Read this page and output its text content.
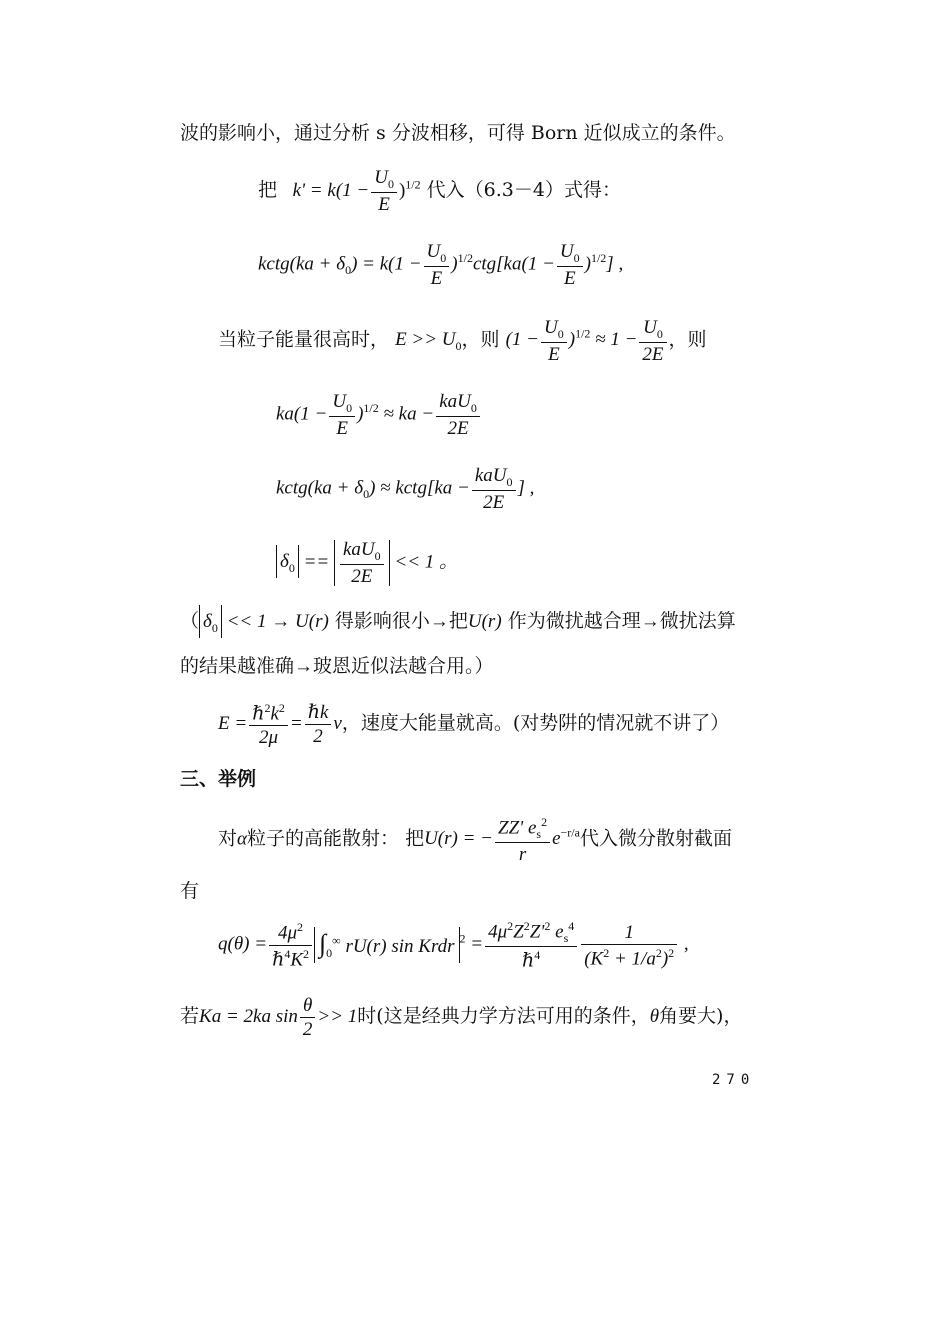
波的影响小，通过分析 s 分波相移，可得 Born 近似成立的条件。
把   $k' = k(1 - \frac{U_0}{E} )^{1/2}$ 代入（6.3－4）式得：
kctg(ka + $\delta_0) = k(1 - \frac{U_0}{E} )^{1/2}ctg[ka(1 - \frac{U_0}{E} )^{1/2}]$ ,
当粒子能量很高时， $E >> U_0$，则 $(1 - \frac{U_0}{E} )^{1/2} \approx 1 - \frac{U_0}{2E}$ ，则
$ka(1 - \frac{U_0}{E} )^{1/2}$ ≈ ka − $\frac{kaU_0}{2E}$
kctg(ka + $\delta_0$) ≈ kctg[ka − $\frac{kaU_0}{2E}$ ] ,
$\delta_0 == \frac{kaU_0}{2E} << 1$ 。
（ $\delta_0 << 1 \to U(r)$ 得影响很小→把U(r) 作为微扰越合理→微扰法算
的结果越准确→玻恩近似法越合用。）
$E = \frac{\hbar^2k^2}{2\mu} = \frac{\text{ℏk}}{2}$ v，速度大能量就高。(对势阱的情况就不讲了）
三、举例
对α粒子的高能散射： 把U(r) = − $\frac{ZZ' e_s^2}{r} e^{-r/a}$代入微分散射截面
有
$q(\theta) = \frac{4\mu^2}{\hbar^4K^2} \int_0^\infty$ rU(r) sin Krdr $^2 = \frac{4\mu^2Z^2Z'^2 e_s^4}{\hbar^4} \frac{1}{(K^2 + 1/a^2)^2}$ ,
若Ka = 2ka $\sin \frac{\theta}{2} >> 1$时(这是经典力学方法可用的条件，θ角要大)，
270
